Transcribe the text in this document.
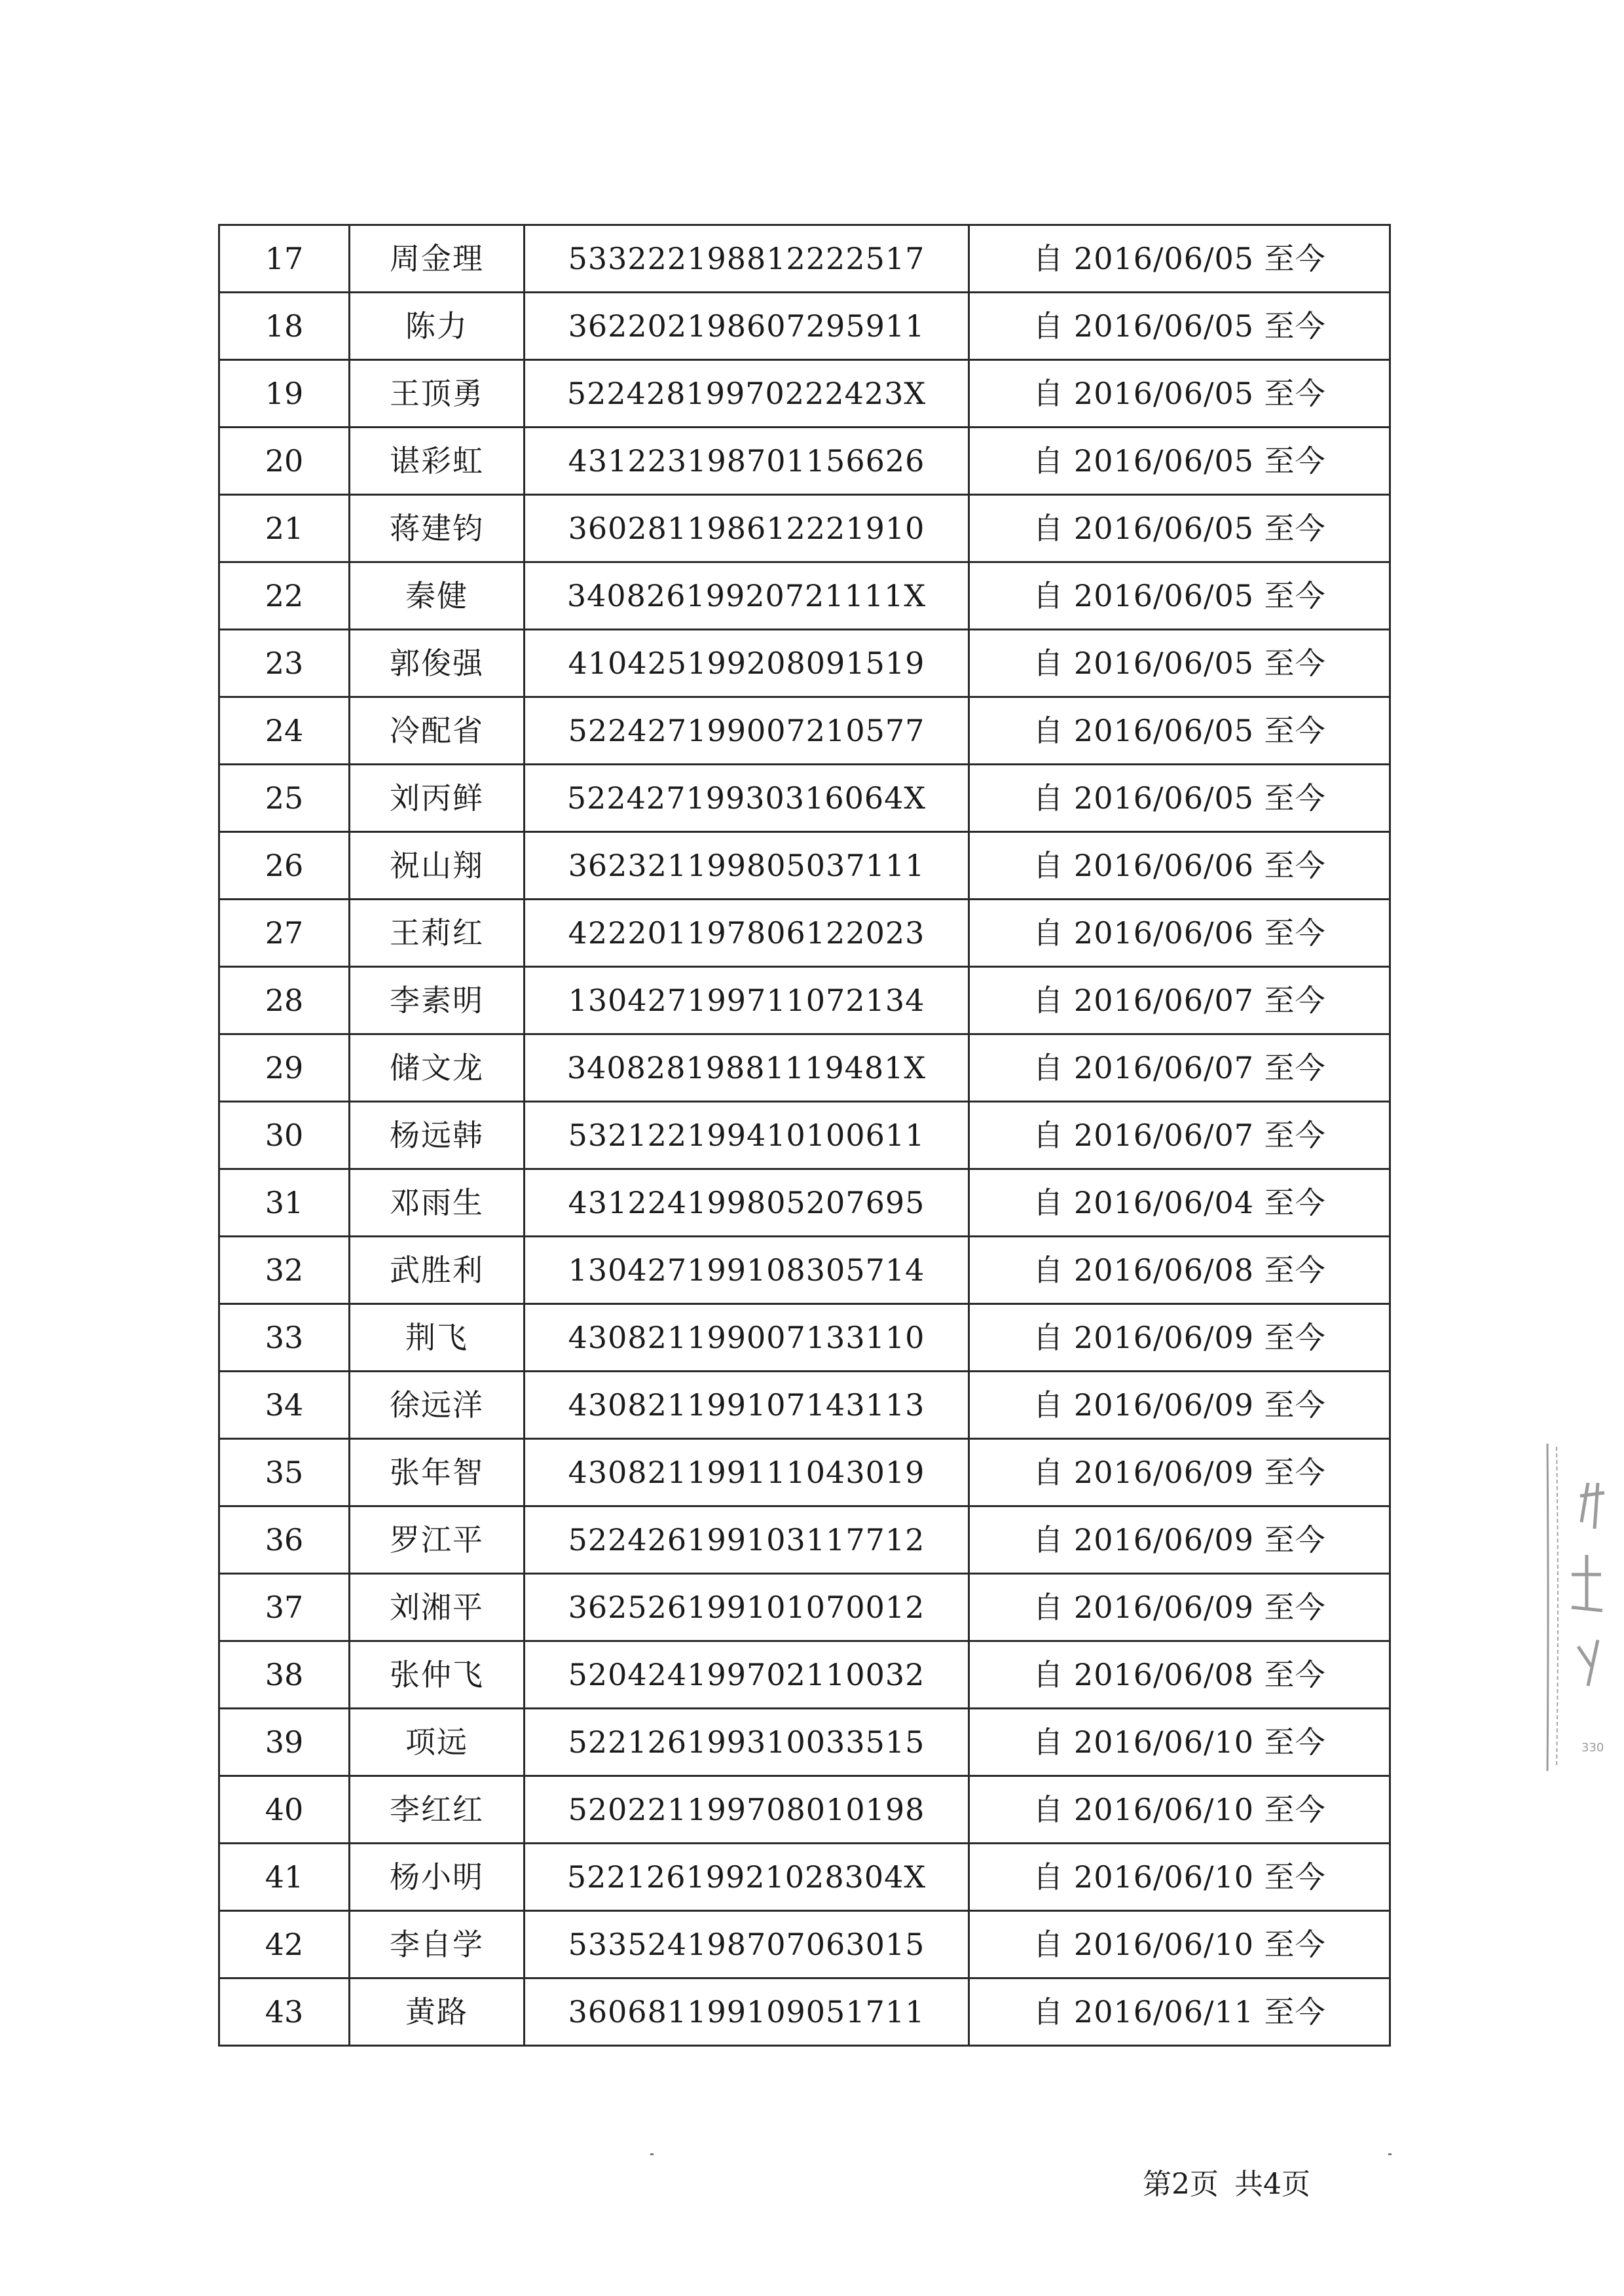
17	周金理	533222198812222517	自 2016/06/05 至今
18	陈力	362202198607295911	自 2016/06/05 至今
19	王顶勇	52242819970222423X	自 2016/06/05 至今
20	谌彩虹	431223198701156626	自 2016/06/05 至今
21	蒋建钧	360281198612221910	自 2016/06/05 至今
22	秦健	34082619920721111X	自 2016/06/05 至今
23	郭俊强	410425199208091519	自 2016/06/05 至今
24	冷配省	522427199007210577	自 2016/06/05 至今
25	刘丙鲜	52242719930316064X	自 2016/06/05 至今
26	祝山翔	362321199805037111	自 2016/06/06 至今
27	王莉红	422201197806122023	自 2016/06/06 至今
28	李素明	130427199711072134	自 2016/06/07 至今
29	储文龙	34082819881119481X	自 2016/06/07 至今
30	杨远韩	532122199410100611	自 2016/06/07 至今
31	邓雨生	431224199805207695	自 2016/06/04 至今
32	武胜利	130427199108305714	自 2016/06/08 至今
33	荆飞	430821199007133110	自 2016/06/09 至今
34	徐远洋	430821199107143113	自 2016/06/09 至今
35	张年智	430821199111043019	自 2016/06/09 至今
36	罗江平	522426199103117712	自 2016/06/09 至今
37	刘湘平	362526199101070012	自 2016/06/09 至今
38	张仲飞	520424199702110032	自 2016/06/08 至今
39	项远	522126199310033515	自 2016/06/10 至今
40	李红红	520221199708010198	自 2016/06/10 至今
41	杨小明	52212619921028304X	自 2016/06/10 至今
42	李自学	533524198707063015	自 2016/06/10 至今
43	黄路	360681199109051711	自 2016/06/11 至今
第2页 共4页
330
